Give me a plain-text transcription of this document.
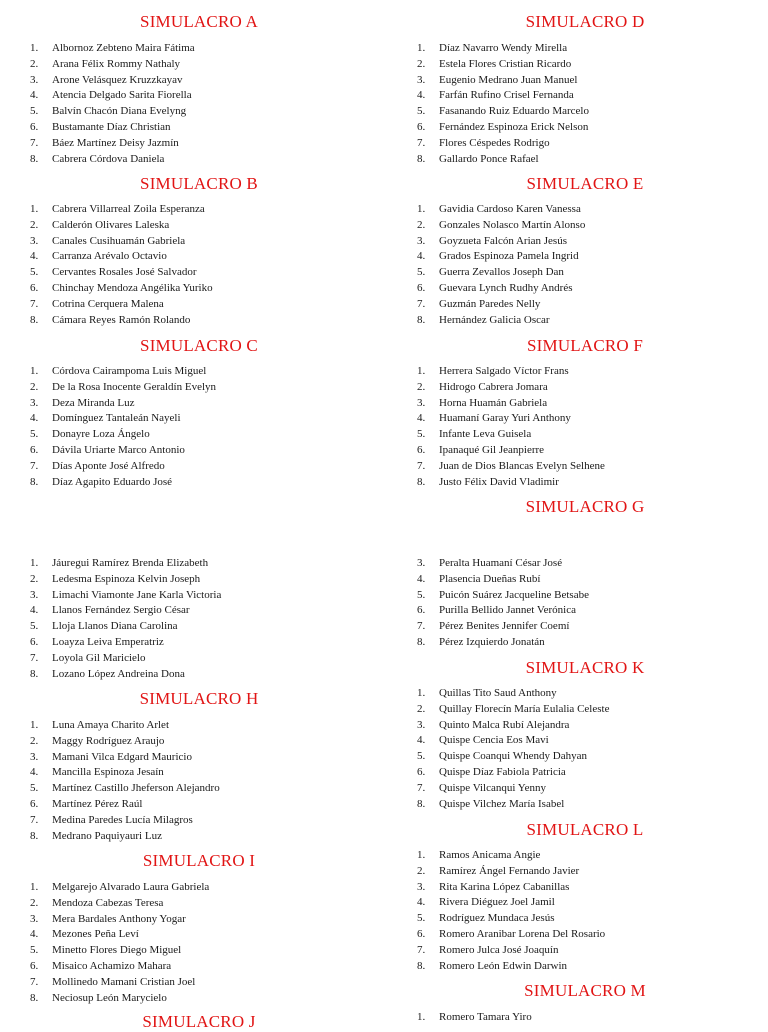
SIMULACRO A
1.	Albornoz Zebteno Maira Fátima
2.	Arana Félix Rommy Nathaly
3.	Arone Velásquez Kruzzkayav
4.	Atencia Delgado Sarita Fiorella
5.	Balvín Chacón Diana Evelyng
6.	Bustamante Díaz Christian
7.	Báez Martínez Deisy Jazmín
8.	Cabrera Córdova Daniela
SIMULACRO B
1.	Cabrera Villarreal Zoila Esperanza
2.	Calderón Olivares Laleska
3.	Canales Cusihuamán Gabriela
4.	Carranza Arévalo Octavio
5.	Cervantes Rosales José Salvador
6.	Chinchay Mendoza Angélika Yuriko
7.	Cotrina Cerquera Malena
8.	Cámara Reyes Ramón Rolando
SIMULACRO C
1.	Córdova Cairampoma Luis Miguel
2.	De la Rosa Inocente Geraldín Evelyn
3.	Deza Miranda Luz
4.	Domínguez Tantaleán Nayeli
5.	Donayre Loza Ángelo
6.	Dávila Uriarte Marco Antonio
7.	Días Aponte José Alfredo
8.	Díaz Agapito Eduardo José
1.	Jáuregui Ramírez Brenda Elizabeth
2.	Ledesma Espinoza Kelvin Joseph
3.	Limachi Viamonte Jane Karla Victoria
4.	Llanos Fernández Sergio César
5.	Lloja Llanos Diana Carolina
6.	Loayza Leiva Emperatriz
7.	Loyola Gil Maricielo
8.	Lozano López Andreina Dona
SIMULACRO H
1.	Luna Amaya Charito Arlet
2.	Maggy Rodríguez Araujo
3.	Mamani Vilca Edgard Mauricio
4.	Mancilla Espinoza Jesaín
5.	Martínez Castillo Jheferson Alejandro
6.	Martínez Pérez Raúl
7.	Medina Paredes Lucía Milagros
8.	Medrano Paquiyauri Luz
SIMULACRO I
1.	Melgarejo Alvarado Laura Gabriela
2.	Mendoza Cabezas Teresa
3.	Mera Bardales Anthony Yogar
4.	Mezones Peña Leví
5.	Minetto Flores Diego Miguel
6.	Misaico Achamizo Mahara
7.	Mollinedo Mamani Cristian Joel
8.	Neciosup León Marycielo
SIMULACRO J
SIMULACRO D
1.	Díaz Navarro Wendy Mirella
2.	Estela Flores Cristian Ricardo
3.	Eugenio Medrano Juan Manuel
4.	Farfán Rufino Crisel Fernanda
5.	Fasanando Ruiz Eduardo Marcelo
6.	Fernández Espinoza Erick Nelson
7.	Flores Céspedes Rodrigo
8.	Gallardo Ponce Rafael
SIMULACRO E
1.	Gavidia Cardoso Karen Vanessa
2.	Gonzales Nolasco Martín Alonso
3.	Goyzueta Falcón Arian Jesús
4.	Grados Espinoza Pamela Ingrid
5.	Guerra Zevallos Joseph Dan
6.	Guevara Lynch Rudhy Andrés
7.	Guzmán Paredes Nelly
8.	Hernández Galicia Oscar
SIMULACRO F
1.	Herrera Salgado Víctor Frans
2.	Hidrogo Cabrera Jomara
3.	Horna Huamán Gabriela
4.	Huamaní Garay Yuri Anthony
5.	Infante Leva Guisela
6.	Ipanaqué Gil Jeanpierre
7.	Juan de Dios Blancas Evelyn Selhene
8.	Justo Félix David Vladimir
SIMULACRO G
3.	Peralta Huamaní César José
4.	Plasencia Dueñas Rubí
5.	Puicón Suárez Jacqueline Betsabe
6.	Purilla Bellido Jannet Verónica
7.	Pérez Benites Jennifer Coemí
8.	Pérez Izquierdo Jonatán
SIMULACRO K
1.	Quillas Tito Saud Anthony
2.	Quillay Florecín María Eulalia Celeste
3.	Quinto Malca Rubí Alejandra
4.	Quispe Cencia Eos Mavi
5.	Quispe Coanqui Whendy Dahyan
6.	Quispe Díaz Fabiola Patricia
7.	Quispe Vilcanqui Yenny
8.	Quispe Vilchez María Isabel
SIMULACRO L
1.	Ramos Anicama Angie
2.	Ramírez Ángel Fernando Javier
3.	Rita Karina López Cabanillas
4.	Rivera Diéguez Joel Jamil
5.	Rodríguez Mundaca Jesús
6.	Romero Aranibar Lorena Del Rosario
7.	Romero Julca José Joaquín
8.	Romero León Edwin Darwin
SIMULACRO M
1.	Romero Tamara Yiro
